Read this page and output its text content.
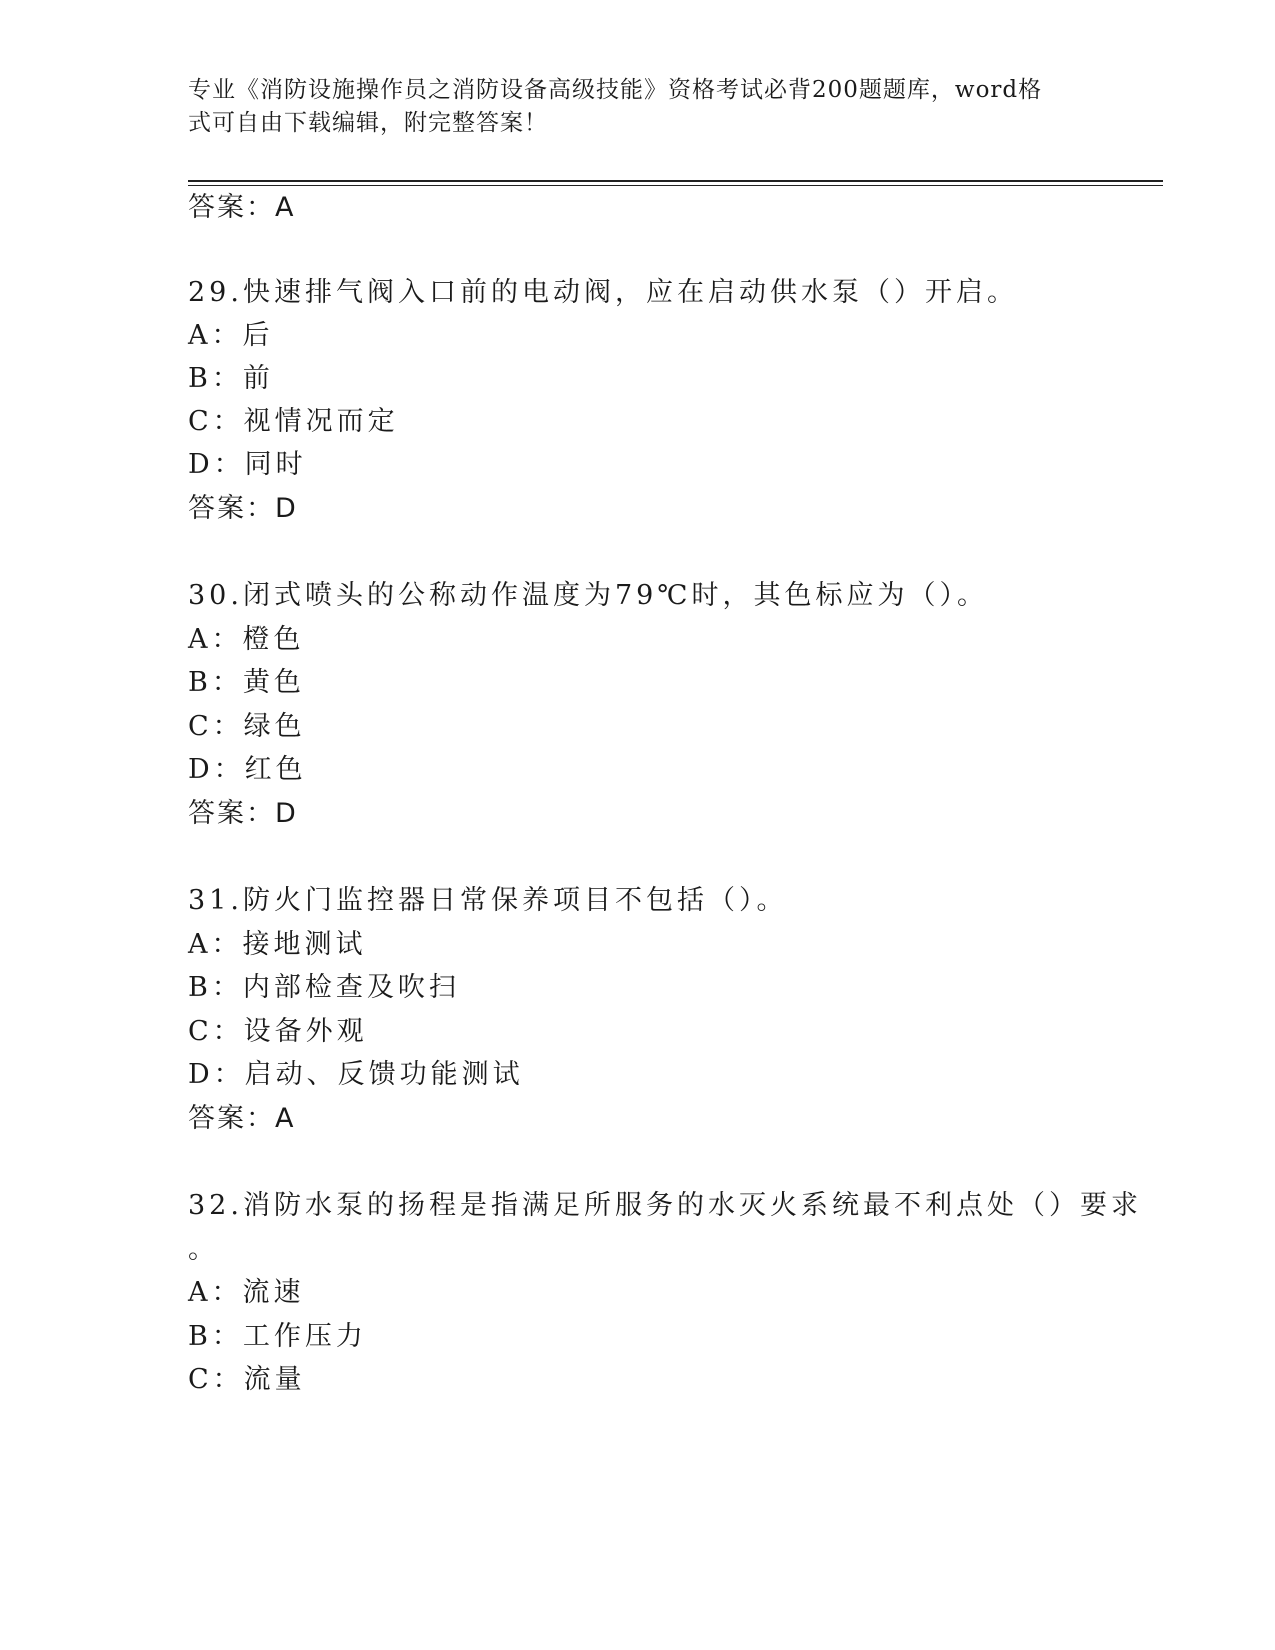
专业《消防设施操作员之消防设备高级技能》资格考试必背200题题库，word格
式可自由下载编辑，附完整答案！
答案：A
29.快速排气阀入口前的电动阀，应在启动供水泵（）开启。
A：后
B：前
C：视情况而定
D：同时
答案：D
30.闭式喷头的公称动作温度为79℃时，其色标应为（）。
A：橙色
B：黄色
C：绿色
D：红色
答案：D
31.防火门监控器日常保养项目不包括（）。
A：接地测试
B：内部检查及吹扫
C：设备外观
D：启动、反馈功能测试
答案：A
32.消防水泵的扬程是指满足所服务的水灭火系统最不利点处（）要求
。
A：流速
B：工作压力
C：流量
